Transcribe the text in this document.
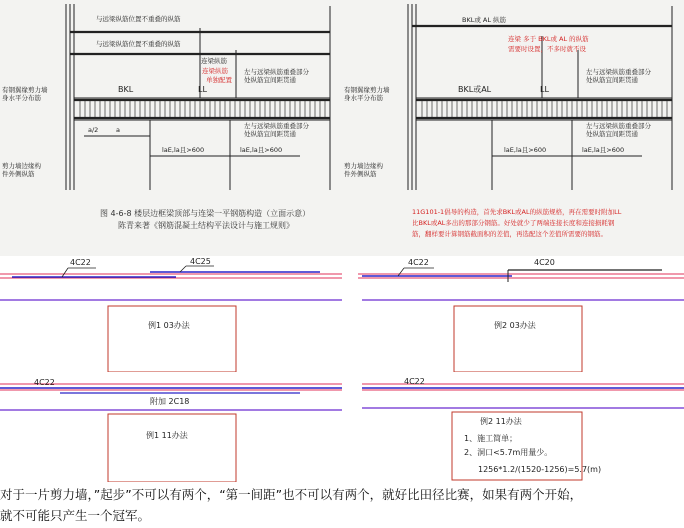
与远梁纵筋位置不重叠的纵筋
与远梁纵筋位置不重叠的纵筋
连梁纵筋
连梁纵筋
单独配置
左与远梁纵筋重叠部分
处纵筋宜间距贯通
左与远梁纵筋重叠部分
处纵筋宜间距贯通
BKL	LL
有钢翼缘剪力墙
身水平分布筋
剪力墙边缘构
件外侧纵筋
a/2	a
laE,la且>600	laE,la且>600
图 4-6-8 楼层边框梁顶部与连梁一平钢筋构造（立面示意）
陈青来著《钢筋混凝土结构平法设计与施工规则》
BKL或 AL 纵筋
连梁 多于 BKL或 AL 的纵筋
需要时设置，不多时就不设
BKL或AL	LL
左与远梁纵筋重叠部分
处纵筋宜间距贯通
左与远梁纵筋重叠部分
处纵筋宜间距贯通
有钢翼缘剪力墙
身水平分布筋
剪力墙边缘构
件外侧纵筋
laE,la且>600	laE,la且>600
11G101-1倡导的构造，首先求BKL或AL的纵筋规格，再在需要时附加LL
比BKL或AL多出的那部分钢筋。好处就少了两端连接长度和连接损耗钢
筋，翻样要计算钢筋截面积的差值，再选配这个差值所需要的钢筋。
4C22	4C25
例1 03办法
4C22	4C20
例2 03办法
4C22
附加 2C18
例1 11办法
4C22
例2 11办法
1、施工简单；
2、洞口<5.7m用量少。
1256*1.2/(1520-1256)=5.7(m)
对于一片剪力墙，”起步”不可以有两个，“第一间距”也不可以有两个，就好比田径比赛，如果有两个开始，
就不可能只产生一个冠军。
